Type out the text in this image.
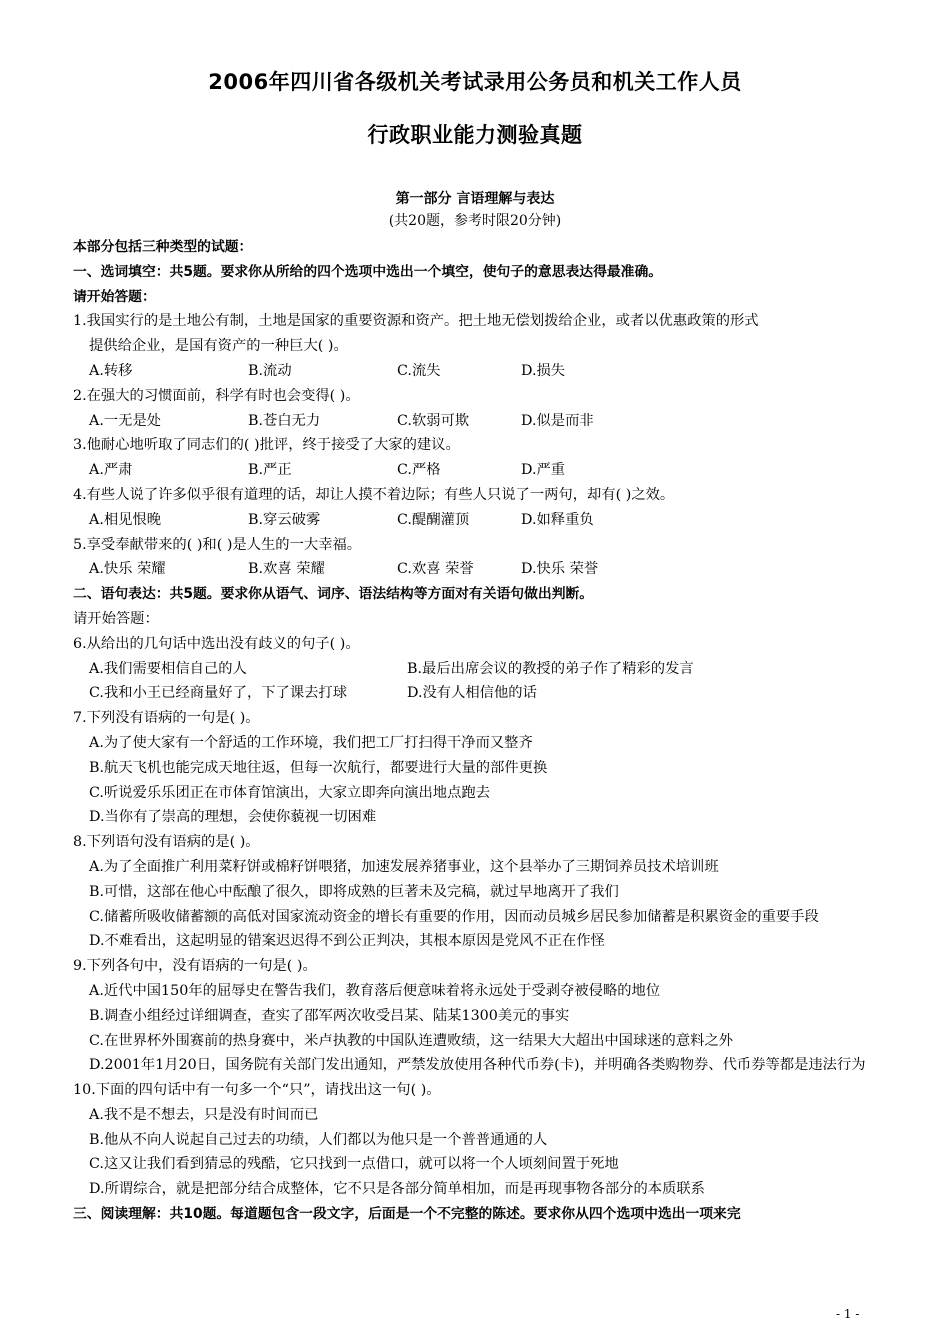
2006年四川省各级机关考试录用公务员和机关工作人员
行政职业能力测验真题
第一部分 言语理解与表达
(共20题，参考时限20分钟)
本部分包括三种类型的试题：
一、选词填空：共5题。要求你从所给的四个选项中选出一个填空，使句子的意思表达得最准确。
请开始答题：
1.我国实行的是土地公有制，土地是国家的重要资源和资产。把土地无偿划拨给企业，或者以优惠政策的形式
提供给企业，是国有资产的一种巨大( )。
A.转移	B.流动	C.流失	D.损失
2.在强大的习惯面前，科学有时也会变得( )。
A.一无是处	B.苍白无力	C.软弱可欺	D.似是而非
3.他耐心地听取了同志们的( )批评，终于接受了大家的建议。
A.严肃	B.严正	C.严格	D.严重
4.有些人说了许多似乎很有道理的话，却让人摸不着边际；有些人只说了一两句，却有( )之效。
A.相见恨晚	B.穿云破雾	C.醍醐灌顶	D.如释重负
5.享受奉献带来的( )和( )是人生的一大幸福。
A.快乐 荣耀	B.欢喜 荣耀	C.欢喜 荣誉	D.快乐 荣誉
二、语句表达：共5题。要求你从语气、词序、语法结构等方面对有关语句做出判断。
请开始答题：
6.从给出的几句话中选出没有歧义的句子( )。
A.我们需要相信自己的人	B.最后出席会议的教授的弟子作了精彩的发言
C.我和小王已经商量好了，下了课去打球	D.没有人相信他的话
7.下列没有语病的一句是( )。
A.为了使大家有一个舒适的工作环境，我们把工厂打扫得干净而又整齐
B.航天飞机也能完成天地往返，但每一次航行，都要进行大量的部件更换
C.听说爱乐乐团正在市体育馆演出，大家立即奔向演出地点跑去
D.当你有了崇高的理想，会使你藐视一切困难
8.下列语句没有语病的是( )。
A.为了全面推广利用菜籽饼或棉籽饼喂猪，加速发展养猪事业，这个县举办了三期饲养员技术培训班
B.可惜，这部在他心中酝酿了很久，即将成熟的巨著未及完稿，就过早地离开了我们
C.储蓄所吸收储蓄额的高低对国家流动资金的增长有重要的作用，因而动员城乡居民参加储蓄是积累资金的重要手段
D.不难看出，这起明显的错案迟迟得不到公正判决，其根本原因是党风不正在作怪
9.下列各句中，没有语病的一句是( )。
A.近代中国150年的屈辱史在警告我们，教育落后便意味着将永远处于受剥夺被侵略的地位
B.调查小组经过详细调查，查实了邵军两次收受吕某、陆某1300美元的事实
C.在世界杯外围赛前的热身赛中，米卢执教的中国队连遭败绩，这一结果大大超出中国球迷的意料之外
D.2001年1月20日，国务院有关部门发出通知，严禁发放使用各种代币券(卡)，并明确各类购物券、代币券等都是违法行为
10.下面的四句话中有一句多一个“只”，请找出这一句( )。
A.我不是不想去，只是没有时间而已
B.他从不向人说起自己过去的功绩，人们都以为他只是一个普普通通的人
C.这又让我们看到猜忌的残酷，它只找到一点借口，就可以将一个人顷刻间置于死地
D.所谓综合，就是把部分结合成整体，它不只是各部分简单相加，而是再现事物各部分的本质联系
三、阅读理解：共10题。每道题包含一段文字，后面是一个不完整的陈述。要求你从四个选项中选出一项来完
- 1 -
